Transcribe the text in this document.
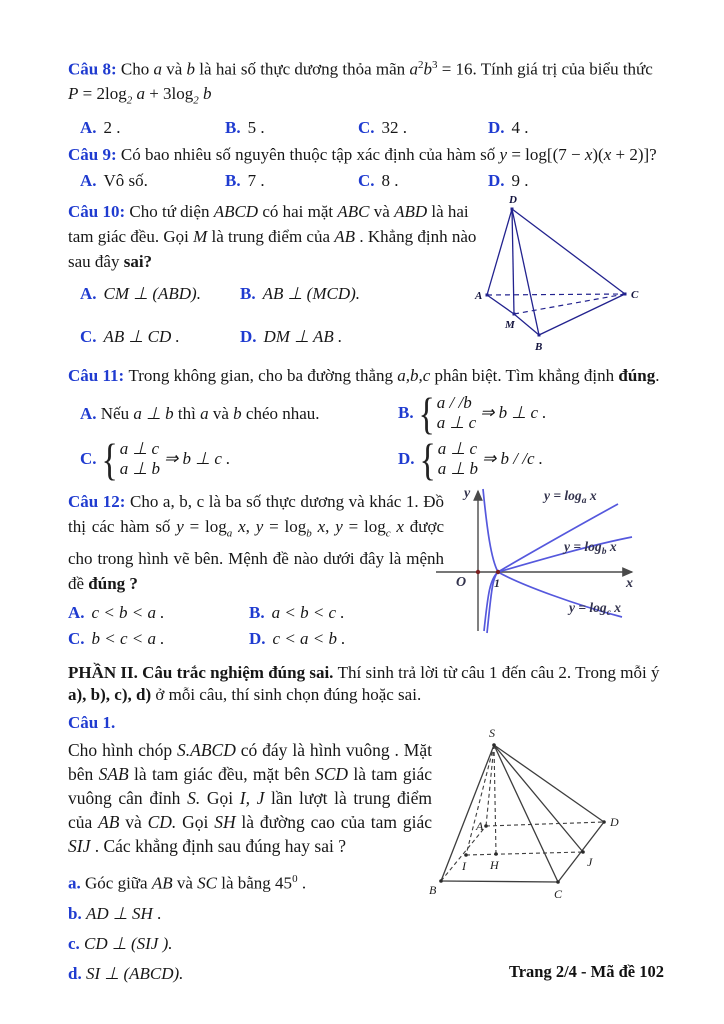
Câu 8: Cho a và b là hai số thực dương thỏa mãn $a^2b^3 = 16$. Tính giá trị của biểu thức

$P = 2\log_2$ $a + 3\log_2$ b

A. 2 .	B. 5 .	C. 32 .	D. 4 .

Câu 9: Có bao nhiêu số nguyên thuộc tập xác định của hàm số y = log[(7 − x)(x + 2)]?

A. Vô số.	B. 7 .	C. 8 .	D. 9 .

Câu 10: Cho tứ diện ABCD có hai mặt ABC và ABD là hai tam giác đều. Gọi M là trung điểm của AB . Khẳng định nào sau đây sai?

A. CM ⊥ (ABD).	B. AB ⊥ (MCD).
C. AB ⊥ CD .	D. DM ⊥ AB .
D
A	C
M
B

Câu 11: Trong không gian, cho ba đường thẳng a,b,c phân biệt. Tìm khẳng định đúng.

A. Nếu a ⊥ b thì a và b chéo nhau.	B. { a / /b
a ⊥ c
⇒ b ⊥ c .
C. { a ⊥ c
a ⊥ b
⇒ b ⊥ c .	D. { a ⊥ c
a ⊥ b
⇒ b / /c .

Câu 12: Cho a, b, c là ba số thực dương và khác 1. Đồ thị các hàm số $y = \log_a x$, $y = \log_b x$, $y = \log_c x$ được cho trong hình vẽ bên. Mệnh đề nào dưới đây là mệnh đề đúng ?

A. c < b < a .	B. a < b < c .
C. b < c < a .	D. c < a < b .
y
x
O 1
$y = \log_a x$
$y = \log_b x$
$y = \log_c x$

PHẦN II. Câu trắc nghiệm đúng sai. Thí sinh trả lời từ câu 1 đến câu 2. Trong mỗi ý a), b), c), d) ở mỗi câu, thí sinh chọn đúng hoặc sai.

Câu 1.

Cho hình chóp S.ABCD có đáy là hình vuông . Mặt bên SAB là tam giác đều, mặt bên SCD là tam giác vuông cân đỉnh S. Gọi I, J lần lượt là trung điểm của AB và CD. Gọi SH là đường cao của tam giác SIJ . Các khẳng định sau đúng hay sai ?

a. Góc giữa AB và SC là bằng $45^0$ .

b. AD ⊥ SH .

c. CD ⊥ (SIJ ).

d. SI ⊥ (ABCD).

S
D
A
I H	J
B	C
Trang 2/4 - Mã đề 102
